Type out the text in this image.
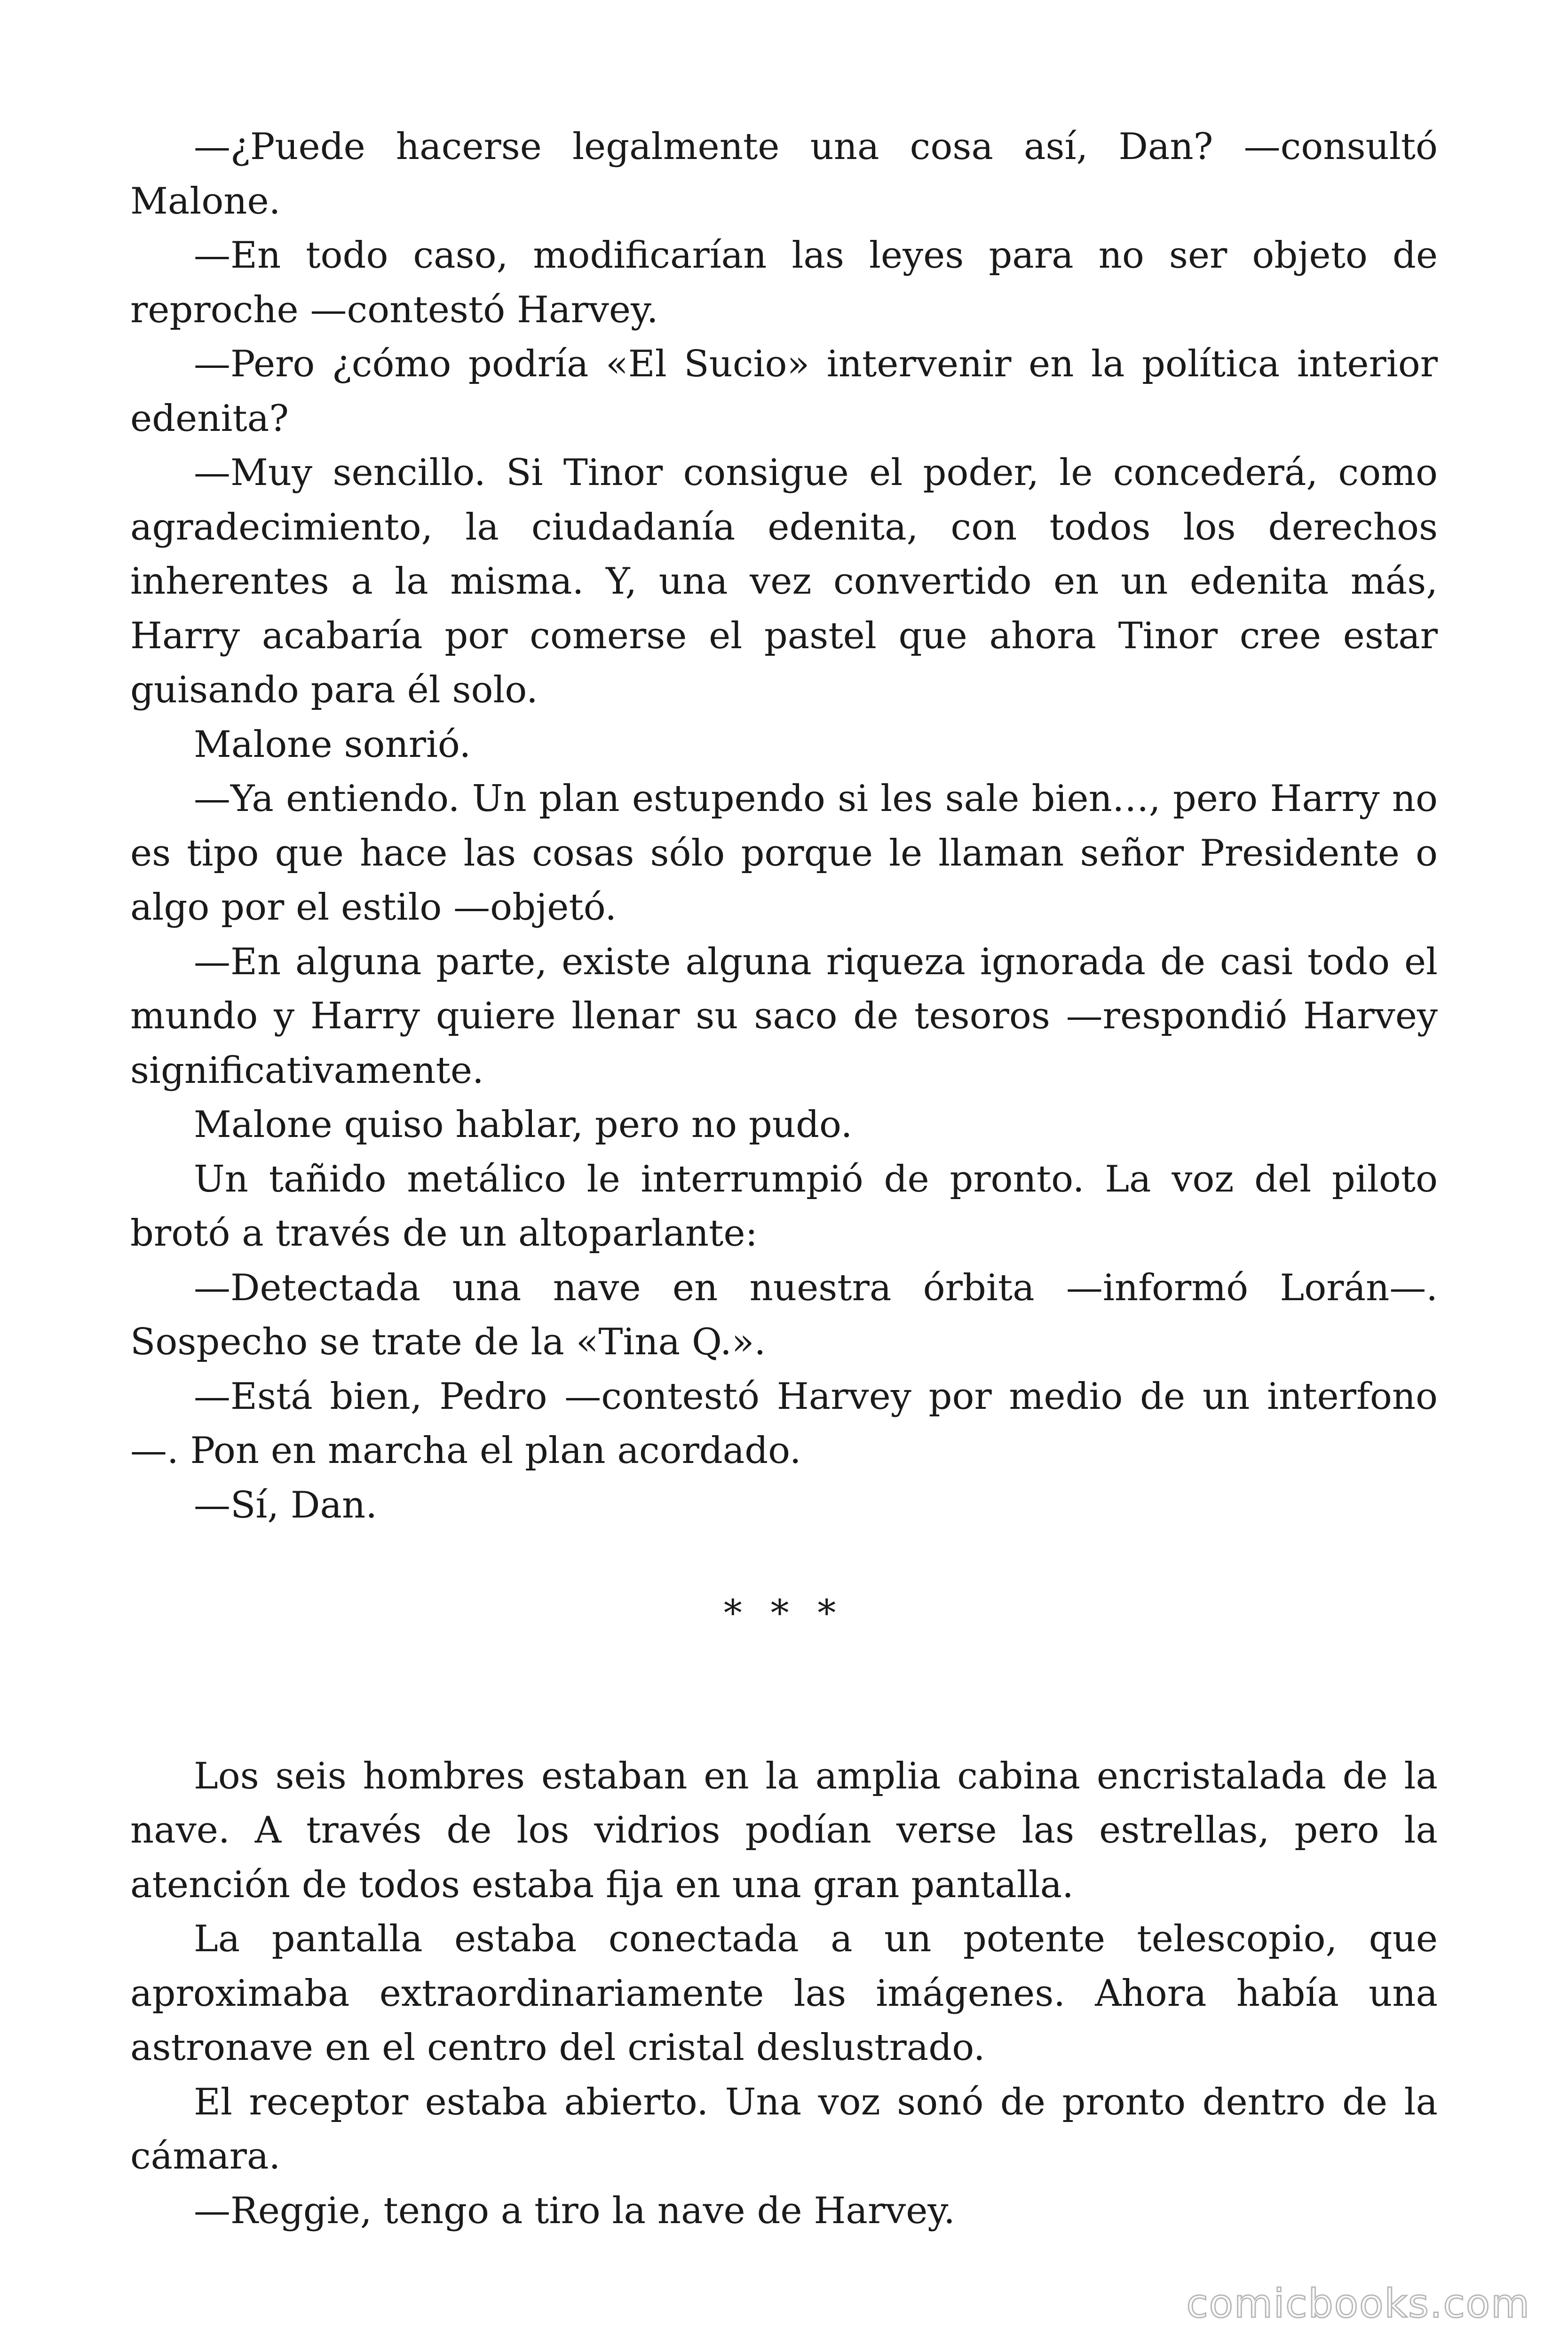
—¿Puede hacerse legalmente una cosa así, Dan? —consultó Malone.

—En todo caso, modificarían las leyes para no ser objeto de reproche —contestó Harvey.

—Pero ¿cómo podría «El Sucio» intervenir en la política interior edenita?

—Muy sencillo. Si Tinor consigue el poder, le concederá, como agradecimiento, la ciudadanía edenita, con todos los derechos inherentes a la misma. Y, una vez convertido en un edenita más, Harry acabaría por comerse el pastel que ahora Tinor cree estar guisando para él solo.

Malone sonrió.

—Ya entiendo. Un plan estupendo si les sale bien…, pero Harry no es tipo que hace las cosas sólo porque le llaman señor Presidente o algo por el estilo —objetó.

—En alguna parte, existe alguna riqueza ignorada de casi todo el mundo y Harry quiere llenar su saco de tesoros —respondió Harvey significativamente.

Malone quiso hablar, pero no pudo.

Un tañido metálico le interrumpió de pronto. La voz del piloto brotó a través de un altoparlante:

—Detectada una nave en nuestra órbita —informó Lorán—. Sospecho se trate de la «Tina Q.».

—Está bien, Pedro —contestó Harvey por medio de un interfono —. Pon en marcha el plan acordado.

—Sí, Dan.

* * *

Los seis hombres estaban en la amplia cabina encristalada de la nave. A través de los vidrios podían verse las estrellas, pero la atención de todos estaba fija en una gran pantalla.

La pantalla estaba conectada a un potente telescopio, que aproximaba extraordinariamente las imágenes. Ahora había una astronave en el centro del cristal deslustrado.

El receptor estaba abierto. Una voz sonó de pronto dentro de la cámara.

—Reggie, tengo a tiro la nave de Harvey.

comicbooks.com
